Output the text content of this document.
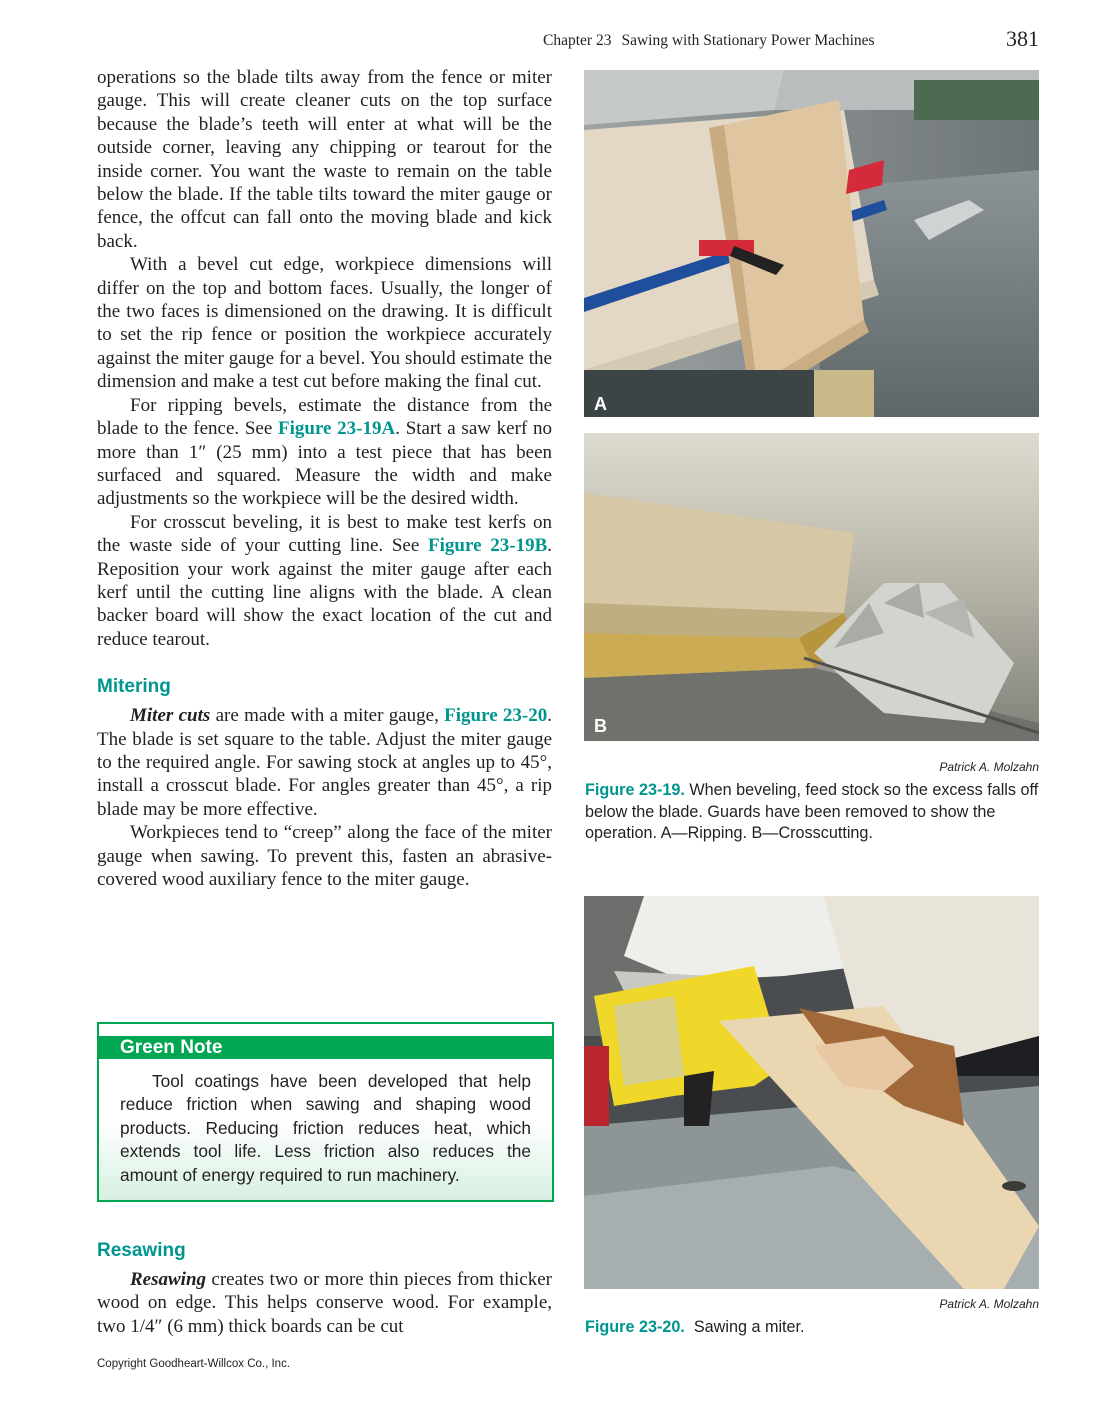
Chapter 23 Sawing with Stationary Power Machines	381

operations so the blade tilts away from the fence or miter gauge. This will create cleaner cuts on the top surface because the blade’s teeth will enter at what will be the outside corner, leaving any chipping or tearout for the inside corner. You want the waste to remain on the table below the blade. If the table tilts toward the miter gauge or fence, the offcut can fall onto the moving blade and kick back.

With a bevel cut edge, workpiece dimensions will differ on the top and bottom faces. Usually, the longer of the two faces is dimensioned on the drawing. It is difficult to set the rip fence or position the workpiece accurately against the miter gauge for a bevel. You should estimate the dimension and make a test cut before making the final cut.

For ripping bevels, estimate the distance from the blade to the fence. See Figure 23-19A. Start a saw kerf no more than 1″ (25 mm) into a test piece that has been surfaced and squared. Measure the width and make adjustments so the workpiece will be the desired width.

For crosscut beveling, it is best to make test kerfs on the waste side of your cutting line. See Figure 23-19B. Reposition your work against the miter gauge after each kerf until the cutting line aligns with the blade. A clean backer board will show the exact location of the cut and reduce tearout.

Mitering

Miter cuts are made with a miter gauge, Figure 23-20. The blade is set square to the table. Adjust the miter gauge to the required angle. For sawing stock at angles up to 45°, install a crosscut blade. For angles greater than 45°, a rip blade may be more effective.

Workpieces tend to “creep” along the face of the miter gauge when sawing. To prevent this, fasten an abrasive-covered wood auxiliary fence to the miter gauge.

Green Note
Tool coatings have been developed that help reduce friction when sawing and shaping wood products. Reducing friction reduces heat, which extends tool life. Less friction also reduces the amount of energy required to run machinery.
Resawing

Resawing creates two or more thin pieces from thicker wood on edge. This helps conserve wood. For example, two 1/4″ (6 mm) thick boards can be cut

A
B
Patrick A. Molzahn
Figure 23-19. When beveling, feed stock so the excess falls off below the blade. Guards have been removed to show the operation. A—Ripping. B—Crosscutting.
Patrick A. Molzahn
Figure 23-20. Sawing a miter.
Copyright Goodheart-Willcox Co., Inc.
